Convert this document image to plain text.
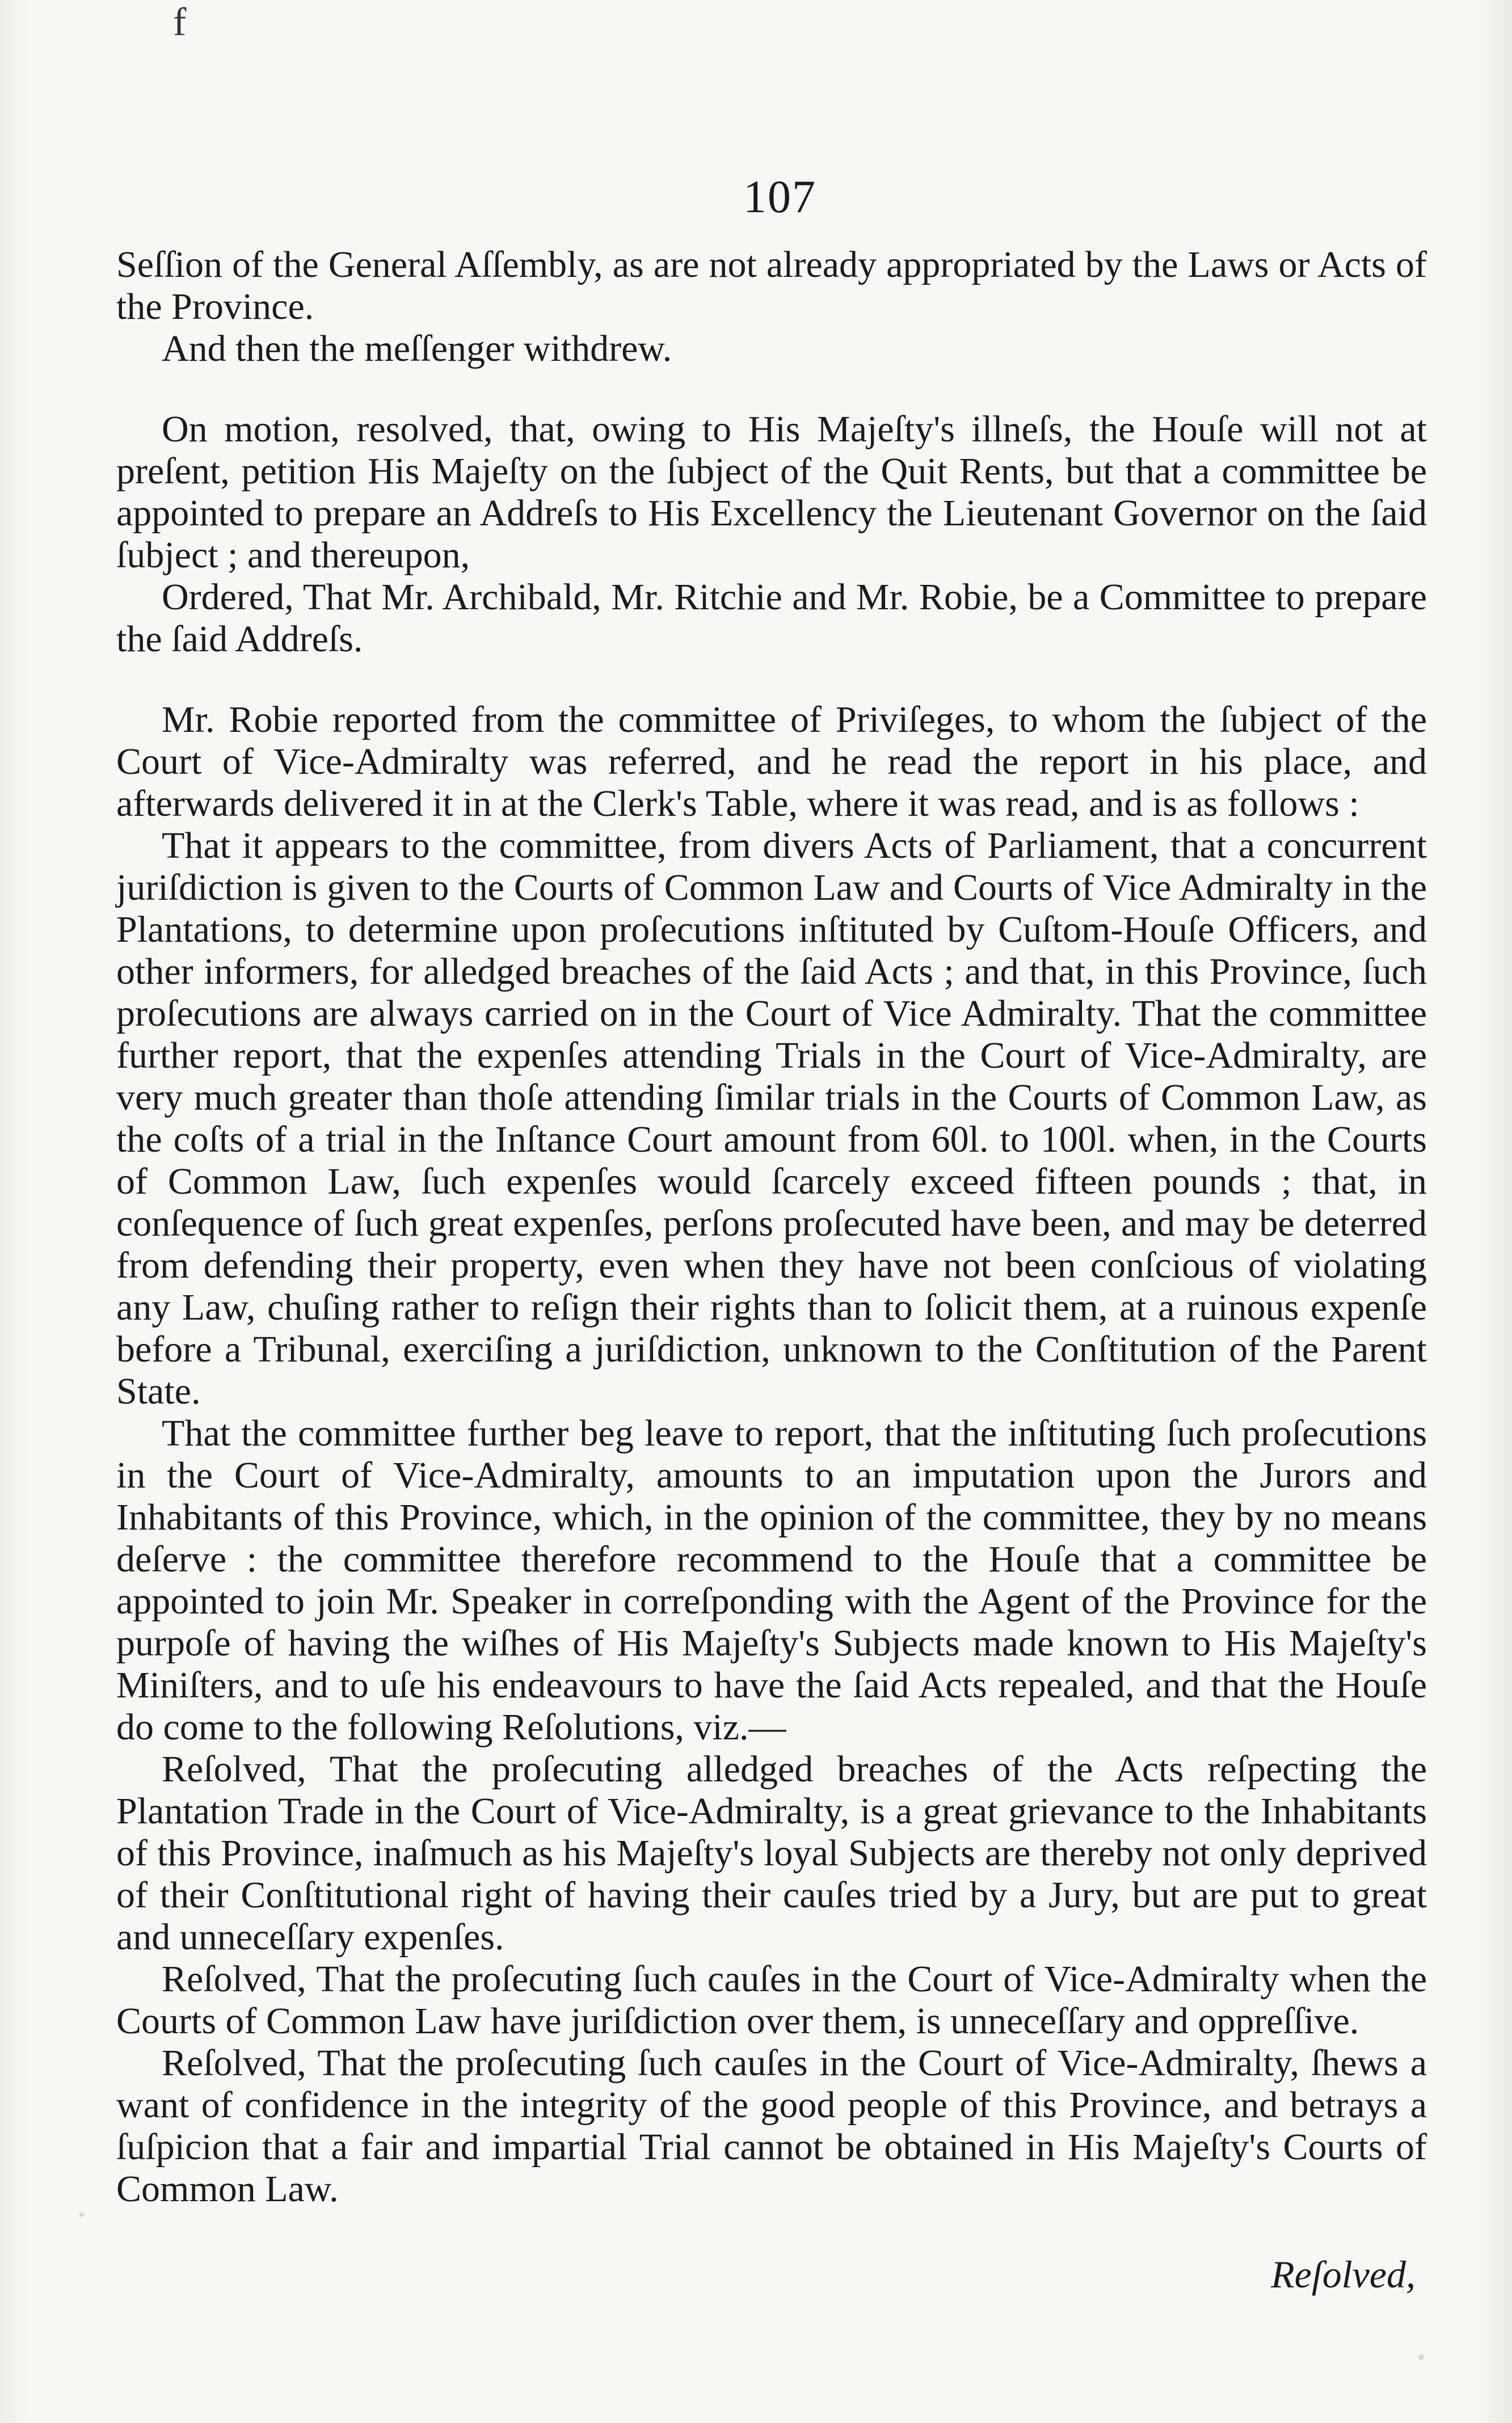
f
107

Seſſion of the General Aſſembly, as are not already appropriated by the Laws or Acts of the Province.

And then the meſſenger withdrew.

On motion, resolved, that, owing to His Majeſty's illneſs, the Houſe will not at preſent, petition His Majeſty on the ſubject of the Quit Rents, but that a committee be appointed to prepare an Addreſs to His Excellency the Lieutenant Governor on the ſaid ſubject ; and thereupon,

Ordered, That Mr. Archibald, Mr. Ritchie and Mr. Robie, be a Committee to prepare the ſaid Addreſs.

Mr. Robie reported from the committee of Priviſeges, to whom the ſubject of the Court of Vice-Admiralty was referred, and he read the report in his place, and afterwards delivered it in at the Clerk's Table, where it was read, and is as follows :

That it appears to the committee, from divers Acts of Parliament, that a concurrent juriſdiction is given to the Courts of Common Law and Courts of Vice Admiralty in the Plantations, to determine upon proſecutions inſtituted by Cuſtom-Houſe Officers, and other informers, for alledged breaches of the ſaid Acts ; and that, in this Province, ſuch proſecutions are always carried on in the Court of Vice Admiralty. That the committee further report, that the expenſes attending Trials in the Court of Vice-Admiralty, are very much greater than thoſe attending ſimilar trials in the Courts of Common Law, as the coſts of a trial in the Inſtance Court amount from 60l. to 100l. when, in the Courts of Common Law, ſuch expenſes would ſcarcely exceed fifteen pounds ; that, in conſequence of ſuch great expenſes, perſons proſecuted have been, and may be deterred from defending their property, even when they have not been conſcious of violating any Law, chuſing rather to reſign their rights than to ſolicit them, at a ruinous expenſe before a Tribunal, exerciſing a juriſdiction, unknown to the Conſtitution of the Parent State.

That the committee further beg leave to report, that the inſtituting ſuch proſecutions in the Court of Vice-Admiralty, amounts to an imputation upon the Jurors and Inhabitants of this Province, which, in the opinion of the committee, they by no means deſerve : the committee therefore recommend to the Houſe that a committee be appointed to join Mr. Speaker in correſponding with the Agent of the Province for the purpoſe of having the wiſhes of His Majeſty's Subjects made known to His Majeſty's Miniſters, and to uſe his endeavours to have the ſaid Acts repealed, and that the Houſe do come to the following Reſolutions, viz.—

Reſolved, That the proſecuting alledged breaches of the Acts reſpecting the Plantation Trade in the Court of Vice-Admiralty, is a great grievance to the Inhabitants of this Province, inaſmuch as his Majeſty's loyal Subjects are thereby not only deprived of their Conſtitutional right of having their cauſes tried by a Jury, but are put to great and unneceſſary expenſes.

Reſolved, That the proſecuting ſuch cauſes in the Court of Vice-Admiralty when the Courts of Common Law have juriſdiction over them, is unneceſſary and oppreſſive.

Reſolved, That the proſecuting ſuch cauſes in the Court of Vice-Admiralty, ſhews a want of confidence in the integrity of the good people of this Province, and betrays a ſuſpicion that a fair and impartial Trial cannot be obtained in His Majeſty's Courts of Common Law.

Reſolved,
